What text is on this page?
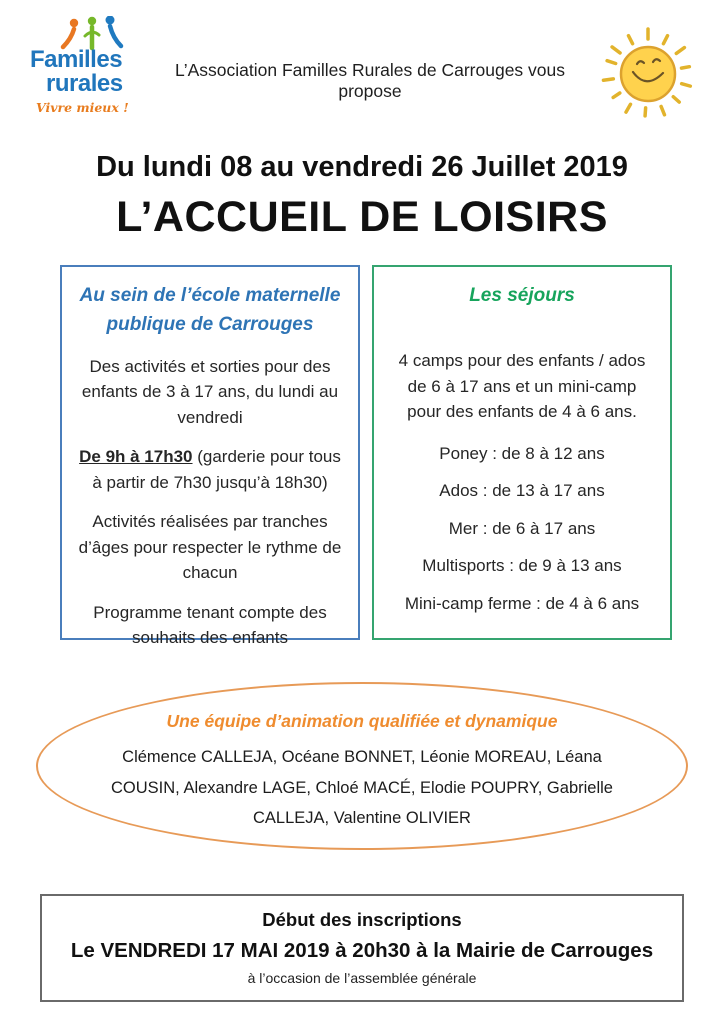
Familles
rurales
Vivre mieux !
L’Association Familles Rurales de Carrouges vous propose
Du lundi 08 au vendredi 26 Juillet 2019
L’ACCUEIL DE LOISIRS
Au sein de l’école maternelle publique de Carrouges

Des activités et sorties pour des enfants de 3 à 17 ans, du lundi au vendredi

De 9h à 17h30 (garderie pour tous à partir de 7h30 jusqu’à 18h30)

Activités réalisées par tranches d’âges pour respecter le rythme de chacun

Programme tenant compte des souhaits des enfants

Les séjours

4 camps pour des enfants / ados de 6 à 17 ans et un mini-camp pour des enfants de 4 à 6 ans.

Poney : de 8 à 12 ans
Ados : de 13 à 17 ans
Mer : de 6 à 17 ans
Multisports : de 9 à 13 ans
Mini-camp ferme : de 4 à 6 ans
Une équipe d’animation qualifiée et dynamique
Clémence CALLEJA, Océane BONNET, Léonie MOREAU, Léana COUSIN, Alexandre LAGE, Chloé MACÉ, Elodie POUPRY, Gabrielle CALLEJA, Valentine OLIVIER
Début des inscriptions
Le VENDREDI 17 MAI 2019 à 20h30 à la Mairie de Carrouges
à l’occasion de l’assemblée générale
